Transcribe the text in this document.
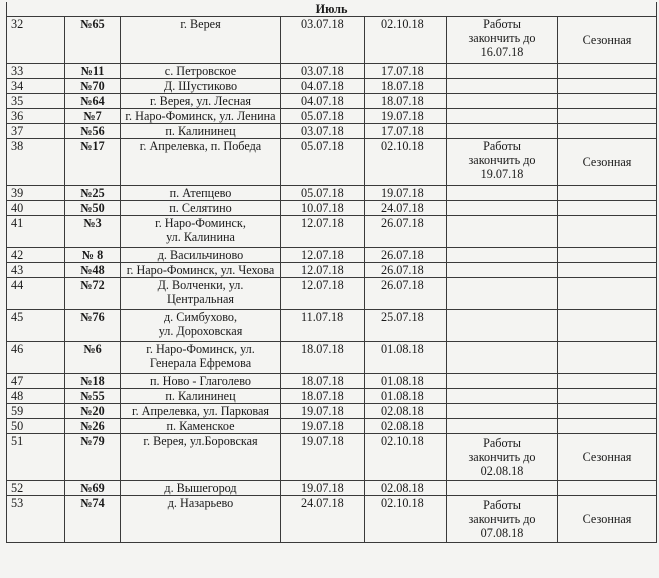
Июль						
32	№65	г. Верея	03.07.18	02.10.18	Работы
закончить до
16.07.18	Сезонная
33	№11	с. Петровское	03.07.18	17.07.18		
34	№70	Д. Шустиково	04.07.18	18.07.18		
35	№64	г. Верея, ул. Лесная	04.07.18	18.07.18		
36	№7	г. Наро-Фоминск, ул. Ленина	05.07.18	19.07.18		
37	№56	п. Калининец	03.07.18	17.07.18		
38	№17	г. Апрелевка, п. Победа	05.07.18	02.10.18	Работы
закончить до
19.07.18	Сезонная
39	№25	п. Атепцево	05.07.18	19.07.18		
40	№50	п. Селятино	10.07.18	24.07.18		
41	№3	г. Наро-Фоминск,
ул. Калинина	12.07.18	26.07.18		
42	№ 8	д. Васильчиново	12.07.18	26.07.18		
43	№48	г. Наро-Фоминск, ул. Чехова	12.07.18	26.07.18		
44	№72	Д. Волченки, ул.
Центральная	12.07.18	26.07.18		
45	№76	д. Симбухово,
ул. Дороховская	11.07.18	25.07.18		
46	№6	г. Наро-Фоминск, ул.
Генерала Ефремова	18.07.18	01.08.18		
47	№18	п. Ново - Глаголево	18.07.18	01.08.18		
48	№55	п. Калининец	18.07.18	01.08.18		
59	№20	г. Апрелевка, ул. Парковая	19.07.18	02.08.18		
50	№26	п. Каменское	19.07.18	02.08.18		
51	№79	г. Верея, ул.Боровская	19.07.18	02.10.18	Работы
закончить до
02.08.18	Сезонная
52	№69	д. Вышегород	19.07.18	02.08.18		
53	№74	д. Назарьево	24.07.18	02.10.18	Работы
закончить до
07.08.18	Сезонная
